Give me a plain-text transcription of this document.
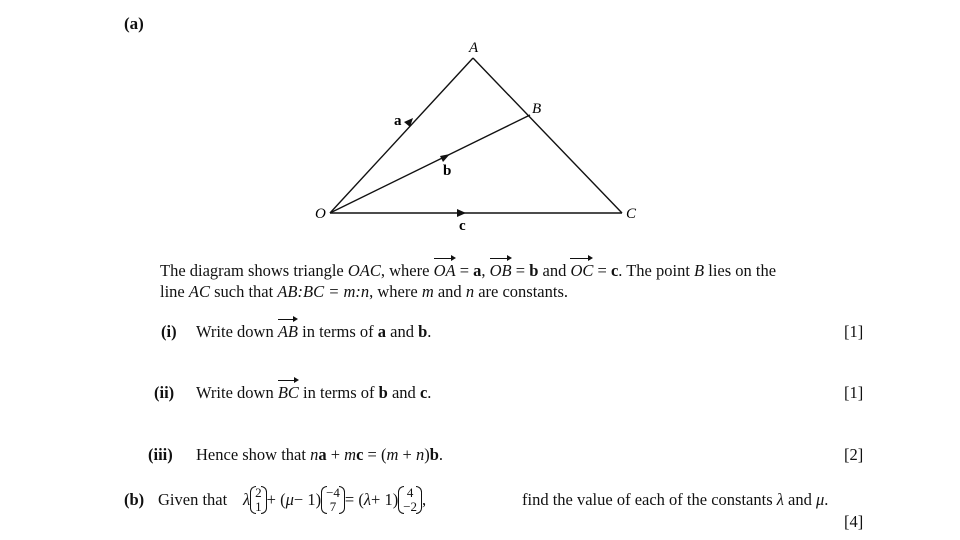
(a)
A
B
C
O
a
b
c
The diagram shows triangle OAC, where OA = a, OB = b and OC = c. The point B lies on the
line AC such that AB:BC = m:n, where m and n are constants.
(i) Write down AB in terms of a and b.	[1]
(ii) Write down BC in terms of b and c.	[1]
(iii) Hence show that na + mc = (m + n)b.	[2]
(b) Given that λ 2
1 + ( μ − 1) −4
7 = ( λ + 1) 4
−2 ,	find the value of each of the constants λ and μ.
[4]
